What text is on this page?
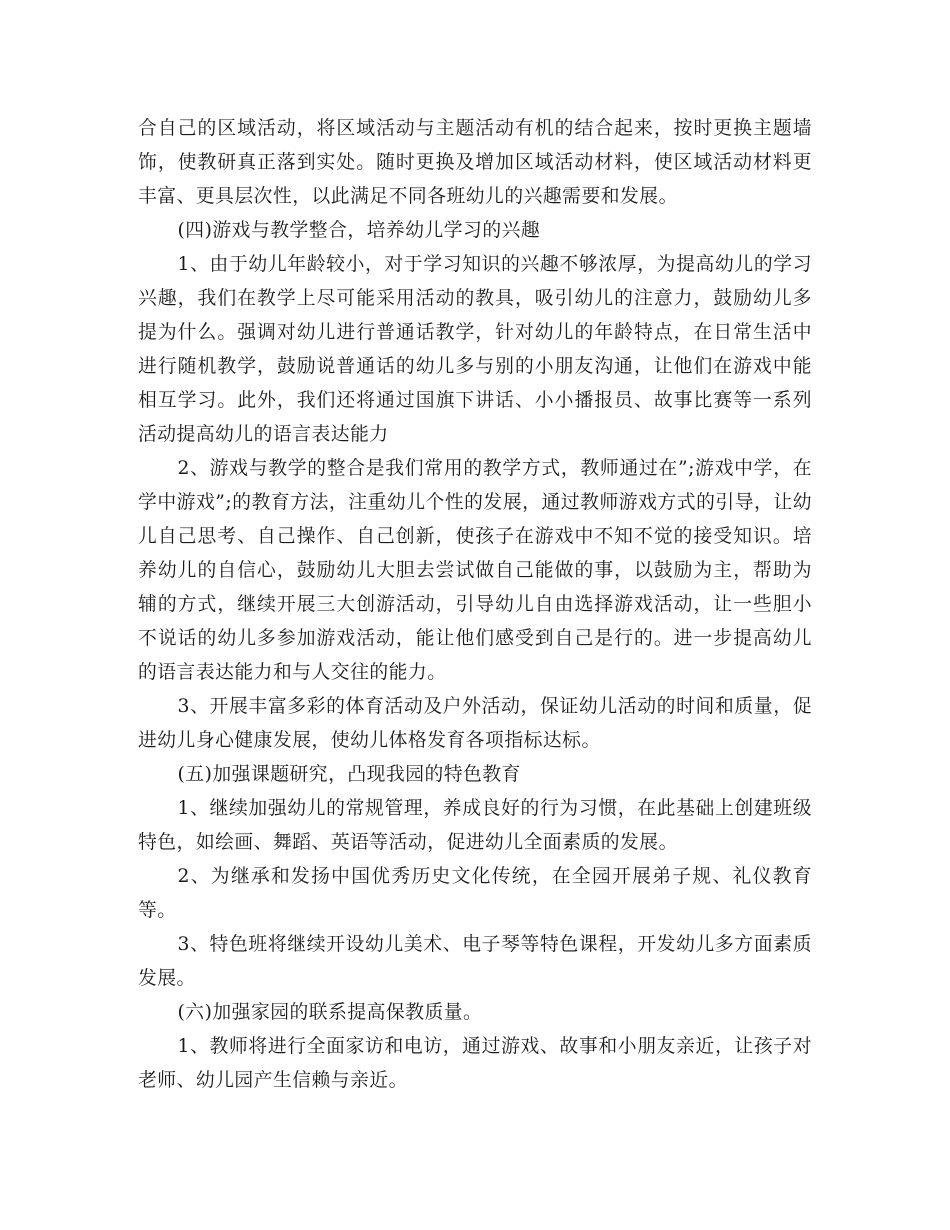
合自己的区域活动，将区域活动与主题活动有机的结合起来，按时更换主题墙饰，使教研真正落到实处。随时更换及增加区域活动材料，使区域活动材料更丰富、更具层次性，以此满足不同各班幼儿的兴趣需要和发展。

(四)游戏与教学整合，培养幼儿学习的兴趣

1、由于幼儿年龄较小，对于学习知识的兴趣不够浓厚，为提高幼儿的学习兴趣，我们在教学上尽可能采用活动的教具，吸引幼儿的注意力，鼓励幼儿多提为什么。强调对幼儿进行普通话教学，针对幼儿的年龄特点，在日常生活中进行随机教学，鼓励说普通话的幼儿多与别的小朋友沟通，让他们在游戏中能相互学习。此外，我们还将通过国旗下讲话、小小播报员、故事比赛等一系列活动提高幼儿的语言表达能力

2、游戏与教学的整合是我们常用的教学方式，教师通过在”;游戏中学，在学中游戏”;的教育方法，注重幼儿个性的发展，通过教师游戏方式的引导，让幼儿自己思考、自己操作、自己创新，使孩子在游戏中不知不觉的接受知识。培养幼儿的自信心，鼓励幼儿大胆去尝试做自己能做的事，以鼓励为主，帮助为辅的方式，继续开展三大创游活动，引导幼儿自由选择游戏活动，让一些胆小不说话的幼儿多参加游戏活动，能让他们感受到自己是行的。进一步提高幼儿的语言表达能力和与人交往的能力。

3、开展丰富多彩的体育活动及户外活动，保证幼儿活动的时间和质量，促进幼儿身心健康发展，使幼儿体格发育各项指标达标。

(五)加强课题研究，凸现我园的特色教育

1、继续加强幼儿的常规管理，养成良好的行为习惯，在此基础上创建班级特色，如绘画、舞蹈、英语等活动，促进幼儿全面素质的发展。

2、为继承和发扬中国优秀历史文化传统，在全园开展弟子规、礼仪教育等。

3、特色班将继续开设幼儿美术、电子琴等特色课程，开发幼儿多方面素质发展。

(六)加强家园的联系提高保教质量。

1、教师将进行全面家访和电访，通过游戏、故事和小朋友亲近，让孩子对老师、幼儿园产生信赖与亲近。
